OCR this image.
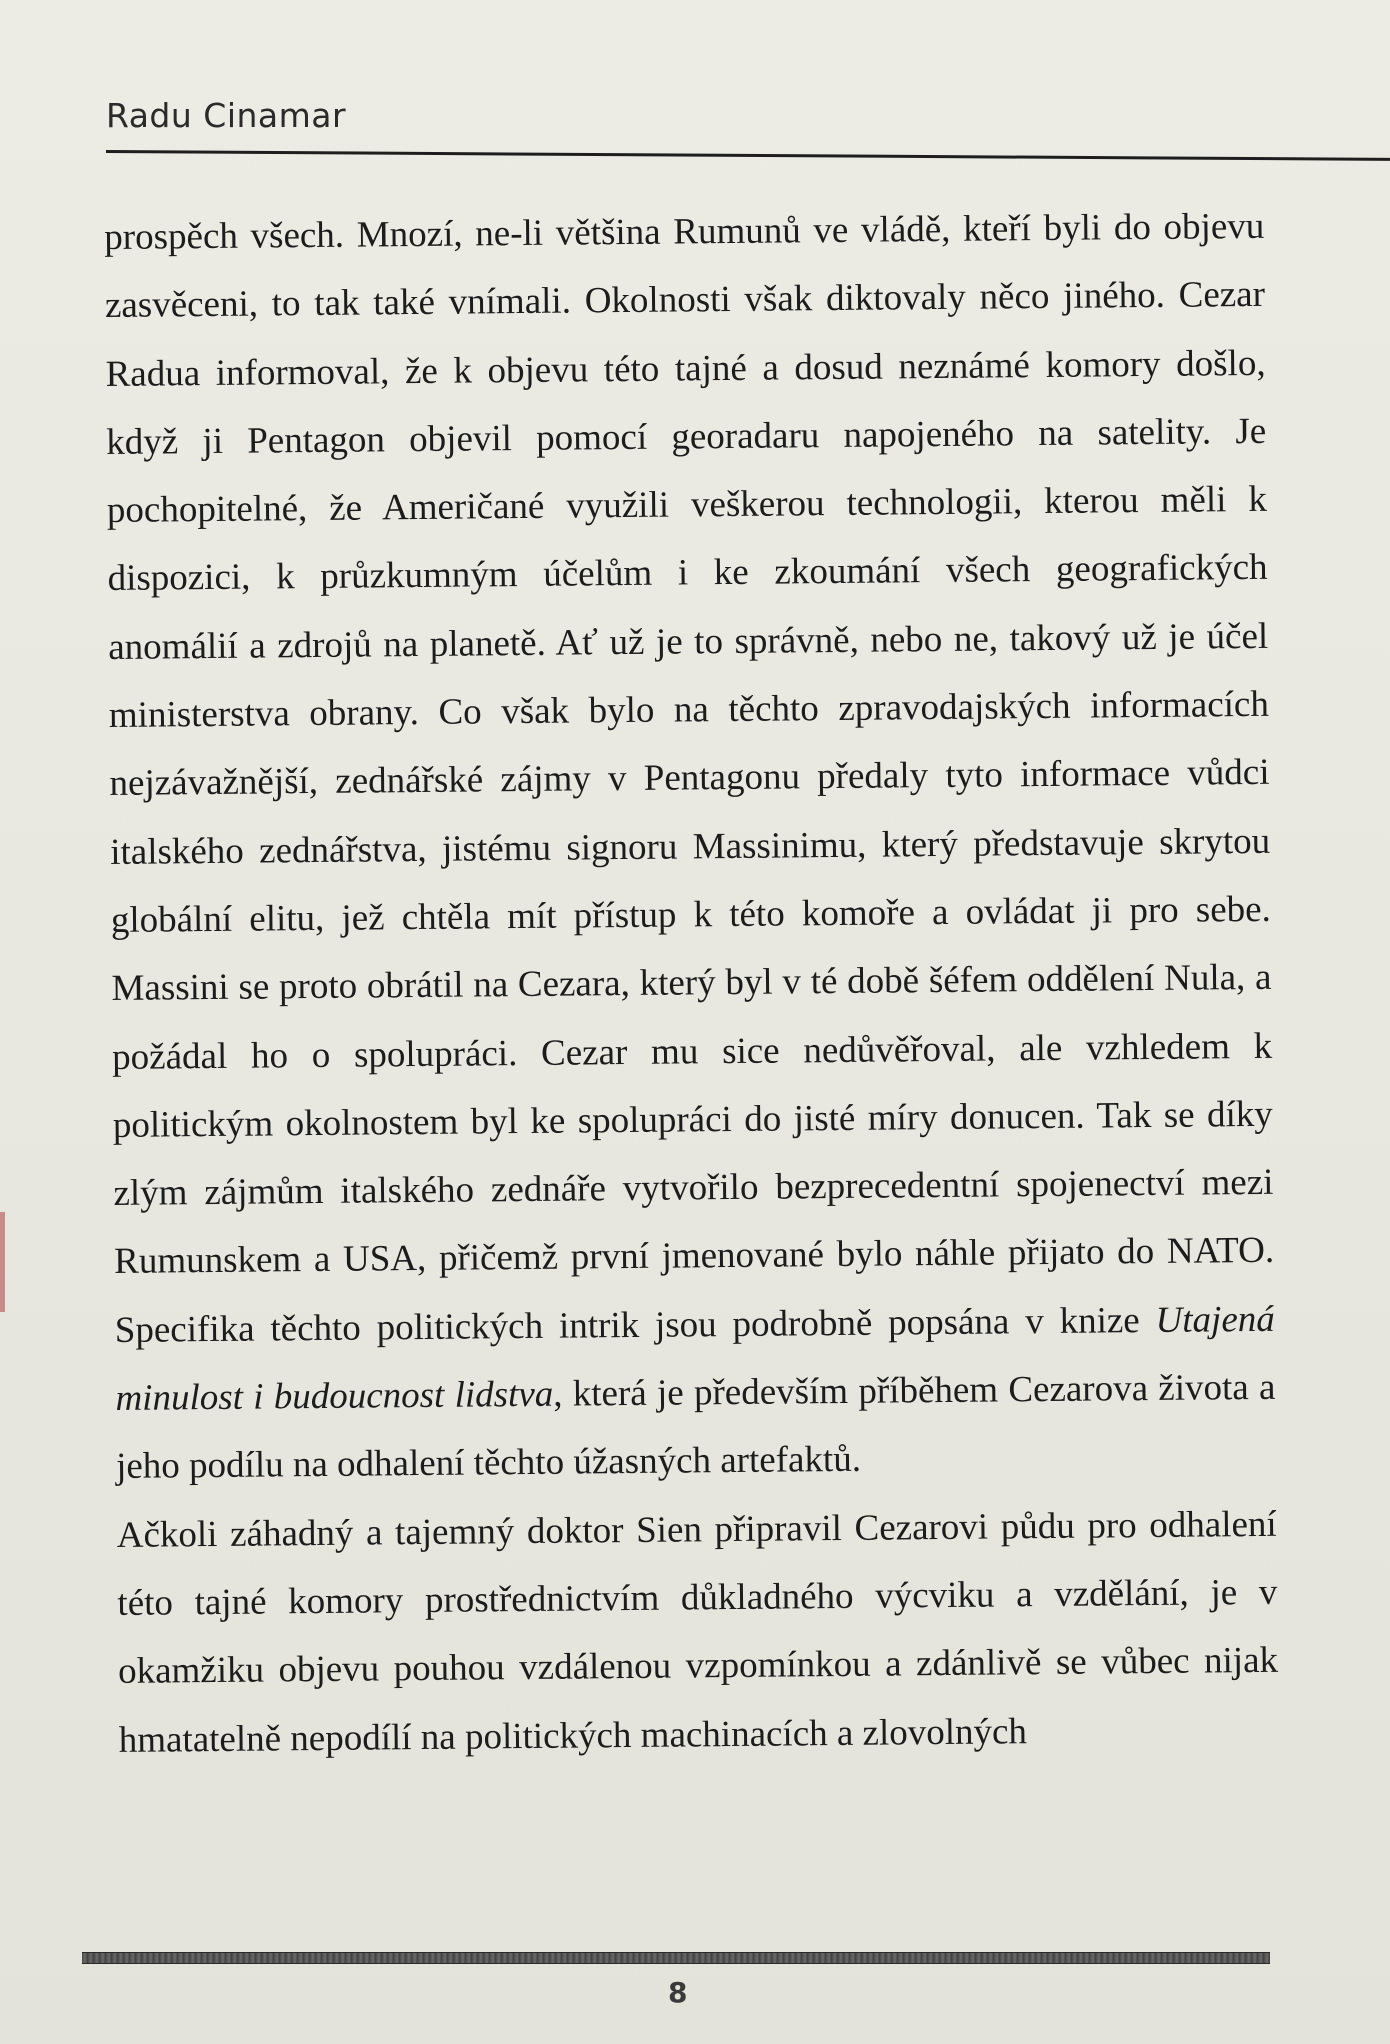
Radu Cinamar

prospěch všech. Mnozí, ne-li většina Rumunů ve vládě, kteří byli do objevu zasvěceni, to tak také vnímali. Okolnosti však diktovaly něco jiného. Cezar Radua informoval, že k objevu této tajné a dosud neznámé komory došlo, když ji Pentagon objevil pomocí georadaru napojeného na satelity. Je pochopitelné, že Američané využili veškerou technologii, kterou měli k dispozici, k průzkumným účelům i ke zkoumání všech geografických anomálií a zdrojů na planetě. Ať už je to správně, nebo ne, takový už je účel ministerstva obrany. Co však bylo na těchto zpravodajských informacích nejzávažnější, zednářské zájmy v Pentagonu předaly tyto informace vůdci italského zednářstva, jistému signoru Massinimu, který představuje skrytou globální elitu, jež chtěla mít přístup k této komoře a ovládat ji pro sebe. Massini se proto obrátil na Cezara, který byl v té době šéfem oddělení Nula, a požádal ho o spolupráci. Cezar mu sice nedůvěřoval, ale vzhledem k politickým okolnostem byl ke spolupráci do jisté míry donucen. Tak se díky zlým zájmům italského zednáře vytvořilo bezprecedentní spojenectví mezi Rumunskem a USA, přičemž první jmenované bylo náhle přijato do NATO. Specifika těchto politických intrik jsou podrobně popsána v knize Utajená minulost i budoucnost lidstva, která je především příběhem Cezarova života a jeho podílu na odhalení těchto úžasných artefaktů.

Ačkoli záhadný a tajemný doktor Sien připravil Cezarovi půdu pro odhalení této tajné komory prostřednictvím důkladného výcviku a vzdělání, je v okamžiku objevu pouhou vzdálenou vzpomínkou a zdánlivě se vůbec nijak hmatatelně nepodílí na politických machinacích a zlovolných

8
